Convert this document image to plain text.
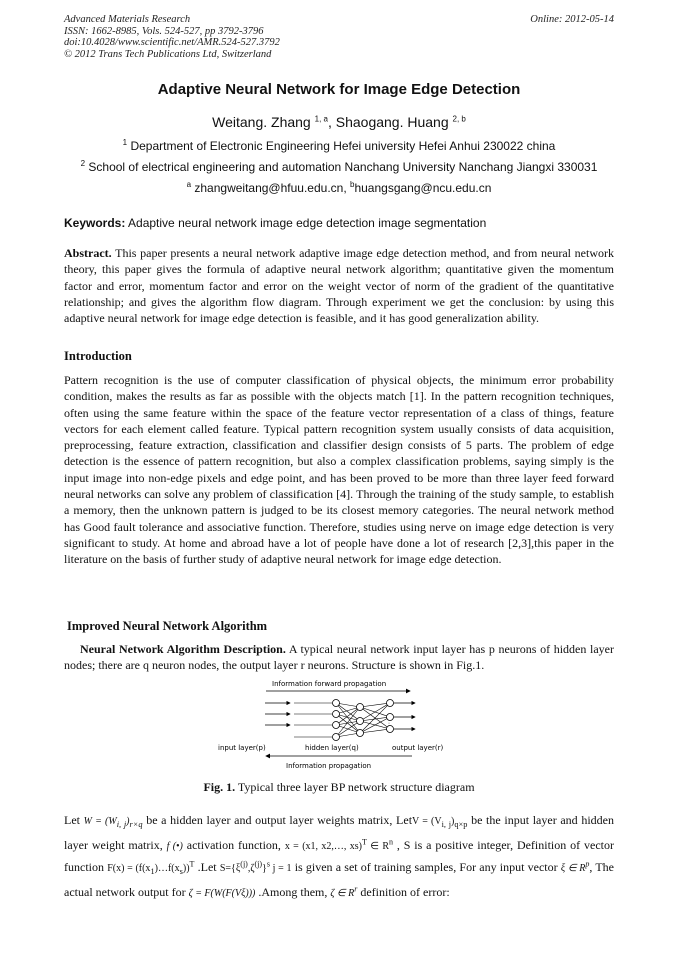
Advanced Materials Research
ISSN: 1662-8985, Vols. 524-527, pp 3792-3796
doi:10.4028/www.scientific.net/AMR.524-527.3792
© 2012 Trans Tech Publications Ltd, Switzerland
Online: 2012-05-14
Adaptive Neural Network for Image Edge Detection
Weitang. Zhang $^{1, a}$, Shaogang. Huang $^{2, b}$
$^1$ Department of Electronic Engineering Hefei university Hefei Anhui 230022 china
$^2$ School of electrical engineering and automation Nanchang University Nanchang Jiangxi 330031
$^a$ zhangweitang@hfuu.edu.cn, $^b$huangsgang@ncu.edu.cn
Keywords: Adaptive neural network image edge detection image segmentation
Abstract. This paper presents a neural network adaptive image edge detection method, and from neural network theory, this paper gives the formula of adaptive neural network algorithm; quantitative given the momentum factor and error, momentum factor and error on the weight vector of norm of the gradient of the quantitative relationship; and gives the algorithm flow diagram. Through experiment we get the conclusion: by using this adaptive neural network for image edge detection is feasible, and it has good generalization ability.
Introduction
Pattern recognition is the use of computer classification of physical objects, the minimum error probability condition, makes the results as far as possible with the objects match [1]. In the pattern recognition techniques, often using the same feature within the space of the feature vector representation of a class of things, feature vectors for each element called feature. Typical pattern recognition system usually consists of data acquisition, preprocessing, feature extraction, classification and classifier design consists of 5 parts. The problem of edge detection is the essence of pattern recognition, but also a complex classification problems, saying simply is the input image into non-edge pixels and edge point, and has been proved to be more than three layer feed forward neural networks can solve any problem of classification [4]. Through the training of the study sample, to establish a memory, then the unknown pattern is judged to be its closest memory categories. The neural network method has Good fault tolerance and associative function. Therefore, studies using nerve on image edge detection is very significant to study. At home and abroad have a lot of people have done a lot of research [2,3],this paper in the literature on the basis of further study of adaptive neural network for image edge detection.
Improved Neural Network Algorithm
Neural Network Algorithm Description. A typical neural network input layer has p neurons of hidden layer nodes; there are q neuron nodes, the output layer r neurons. Structure is shown in Fig.1.
Information forward propagation
:
input layer(p)	hidden layer(q)	output layer(r)
Information propagation
Fig. 1. Typical three layer BP network structure diagram
Let $W = (W_{i, j})_{r\times q}$ be a hidden layer and output layer weights matrix, LetV = $(V_{i, j})_{q\times p}$ be the input layer and hidden layer weight matrix, f (•) activation function, x = (x1, x2,…, xs)$^T$ ∈ $R^n$ , S is a positive integer, Definition of vector function $F(x) = (f(x_1)\dots f(x_s))^T$ .Let $S=\{\xi^{(j)},\zeta^{(j)}\}^s$ j = 1 is given a set of training samples, For any input vector ξ ∈ $R^p$, The actual network output for ζ = F(W(F(Vξ))) .Among them, ζ ∈ $R^r$ definition of error:
